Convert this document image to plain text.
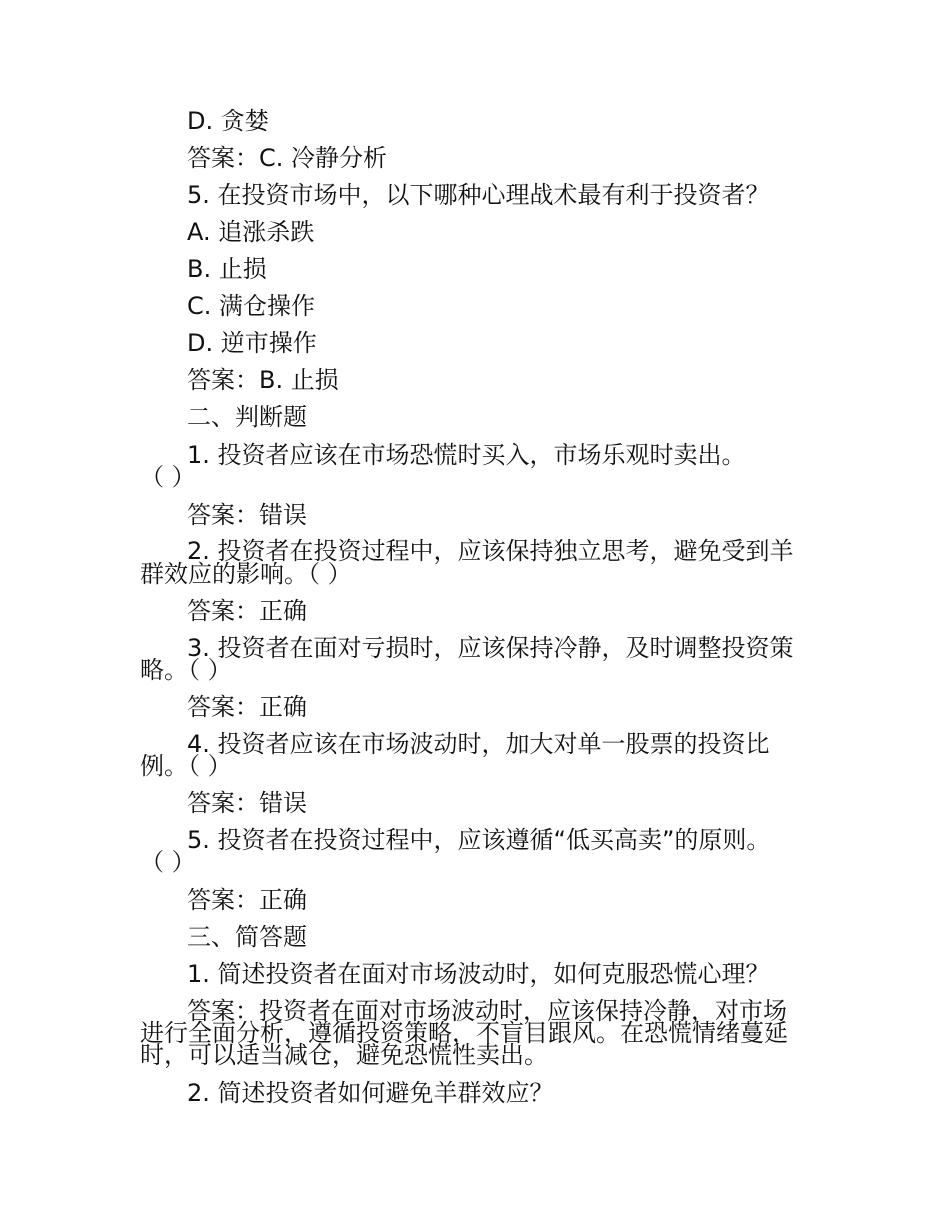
D. 贪婪

答案：C. 冷静分析

5. 在投资市场中，以下哪种心理战术最有利于投资者？

A. 追涨杀跌

B. 止损

C. 满仓操作

D. 逆市操作

答案：B. 止损

二、判断题

1. 投资者应该在市场恐慌时买入，市场乐观时卖出。

（ ）

答案：错误

2. 投资者在投资过程中，应该保持独立思考，避免受到羊

群效应的影响。（ ）

答案：正确

3. 投资者在面对亏损时，应该保持冷静，及时调整投资策

略。（ ）

答案：正确

4. 投资者应该在市场波动时，加大对单一股票的投资比

例。（ ）

答案：错误

5. 投资者在投资过程中，应该遵循“低买高卖”的原则。

（ ）

答案：正确

三、简答题

1. 简述投资者在面对市场波动时，如何克服恐慌心理？

答案：投资者在面对市场波动时，应该保持冷静，对市场

进行全面分析，遵循投资策略，不盲目跟风。在恐慌情绪蔓延

时，可以适当减仓，避免恐慌性卖出。

2. 简述投资者如何避免羊群效应？
